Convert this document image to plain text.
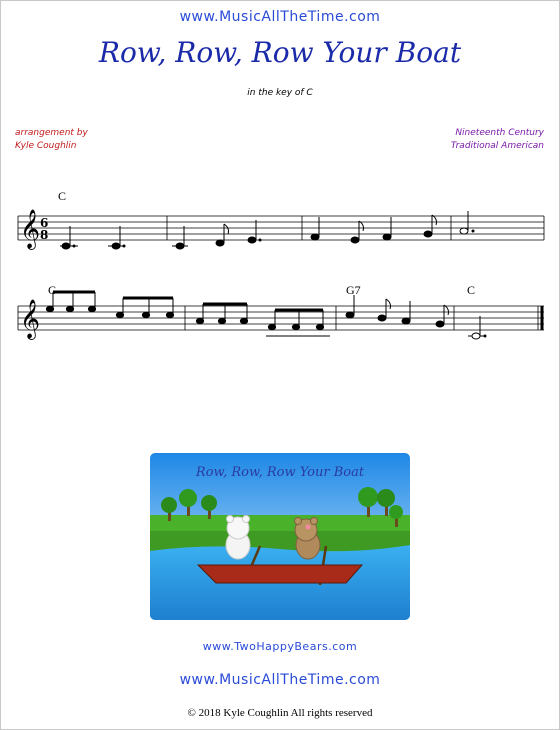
www.MusicAllTheTime.com
Row, Row, Row Your Boat
in the key of C
arrangement by
Kyle Coughlin
Nineteenth Century
Traditional American
C
𝄞 6
8
C	G7	C
𝄞
Row, Row, Row Your Boat
www.TwoHappyBears.com
www.MusicAllTheTime.com
© 2018 Kyle Coughlin All rights reserved
